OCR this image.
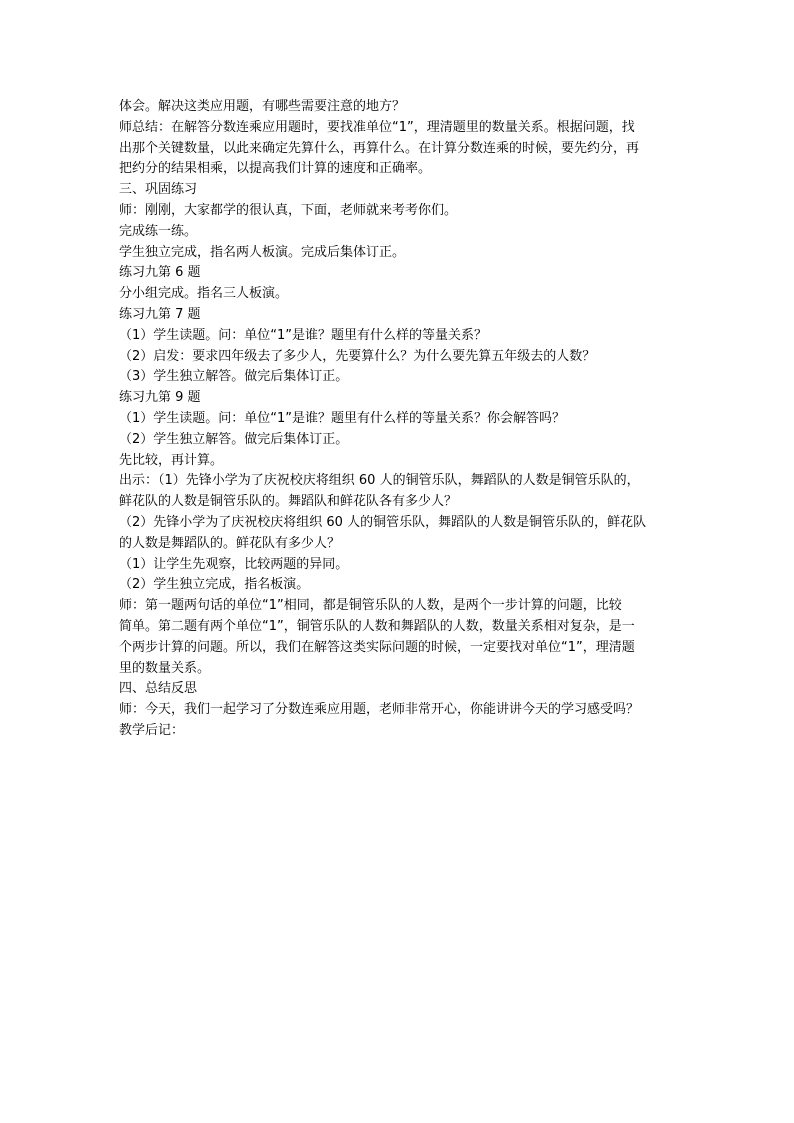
体会。解决这类应用题，有哪些需要注意的地方？
师总结：在解答分数连乘应用题时，要找准单位“1”，理清题里的数量关系。根据问题，找
出那个关键数量，以此来确定先算什么，再算什么。在计算分数连乘的时候，要先约分，再
把约分的结果相乘，以提高我们计算的速度和正确率。
三、巩固练习
师：刚刚，大家都学的很认真，下面，老师就来考考你们。
完成练一练。
学生独立完成，指名两人板演。完成后集体订正。
练习九第 6 题
分小组完成。指名三人板演。
练习九第 7 题
（1）学生读题。问：单位“1”是谁？题里有什么样的等量关系？
（2）启发：要求四年级去了多少人，先要算什么？为什么要先算五年级去的人数？
（3）学生独立解答。做完后集体订正。
练习九第 9 题
（1）学生读题。问：单位“1”是谁？题里有什么样的等量关系？你会解答吗？
（2）学生独立解答。做完后集体订正。
先比较，再计算。
出示：（1）先锋小学为了庆祝校庆将组织 60 人的铜管乐队，舞蹈队的人数是铜管乐队的，
鲜花队的人数是铜管乐队的。舞蹈队和鲜花队各有多少人？
（2）先锋小学为了庆祝校庆将组织 60 人的铜管乐队，舞蹈队的人数是铜管乐队的，鲜花队
的人数是舞蹈队的。鲜花队有多少人？
（1）让学生先观察，比较两题的异同。
（2）学生独立完成，指名板演。
师：第一题两句话的单位“1”相同，都是铜管乐队的人数，是两个一步计算的问题，比较
简单。第二题有两个单位“1”，铜管乐队的人数和舞蹈队的人数，数量关系相对复杂，是一
个两步计算的问题。所以，我们在解答这类实际问题的时候，一定要找对单位“1”，理清题
里的数量关系。
四、总结反思
师：今天，我们一起学习了分数连乘应用题，老师非常开心，你能讲讲今天的学习感受吗？
教学后记：
